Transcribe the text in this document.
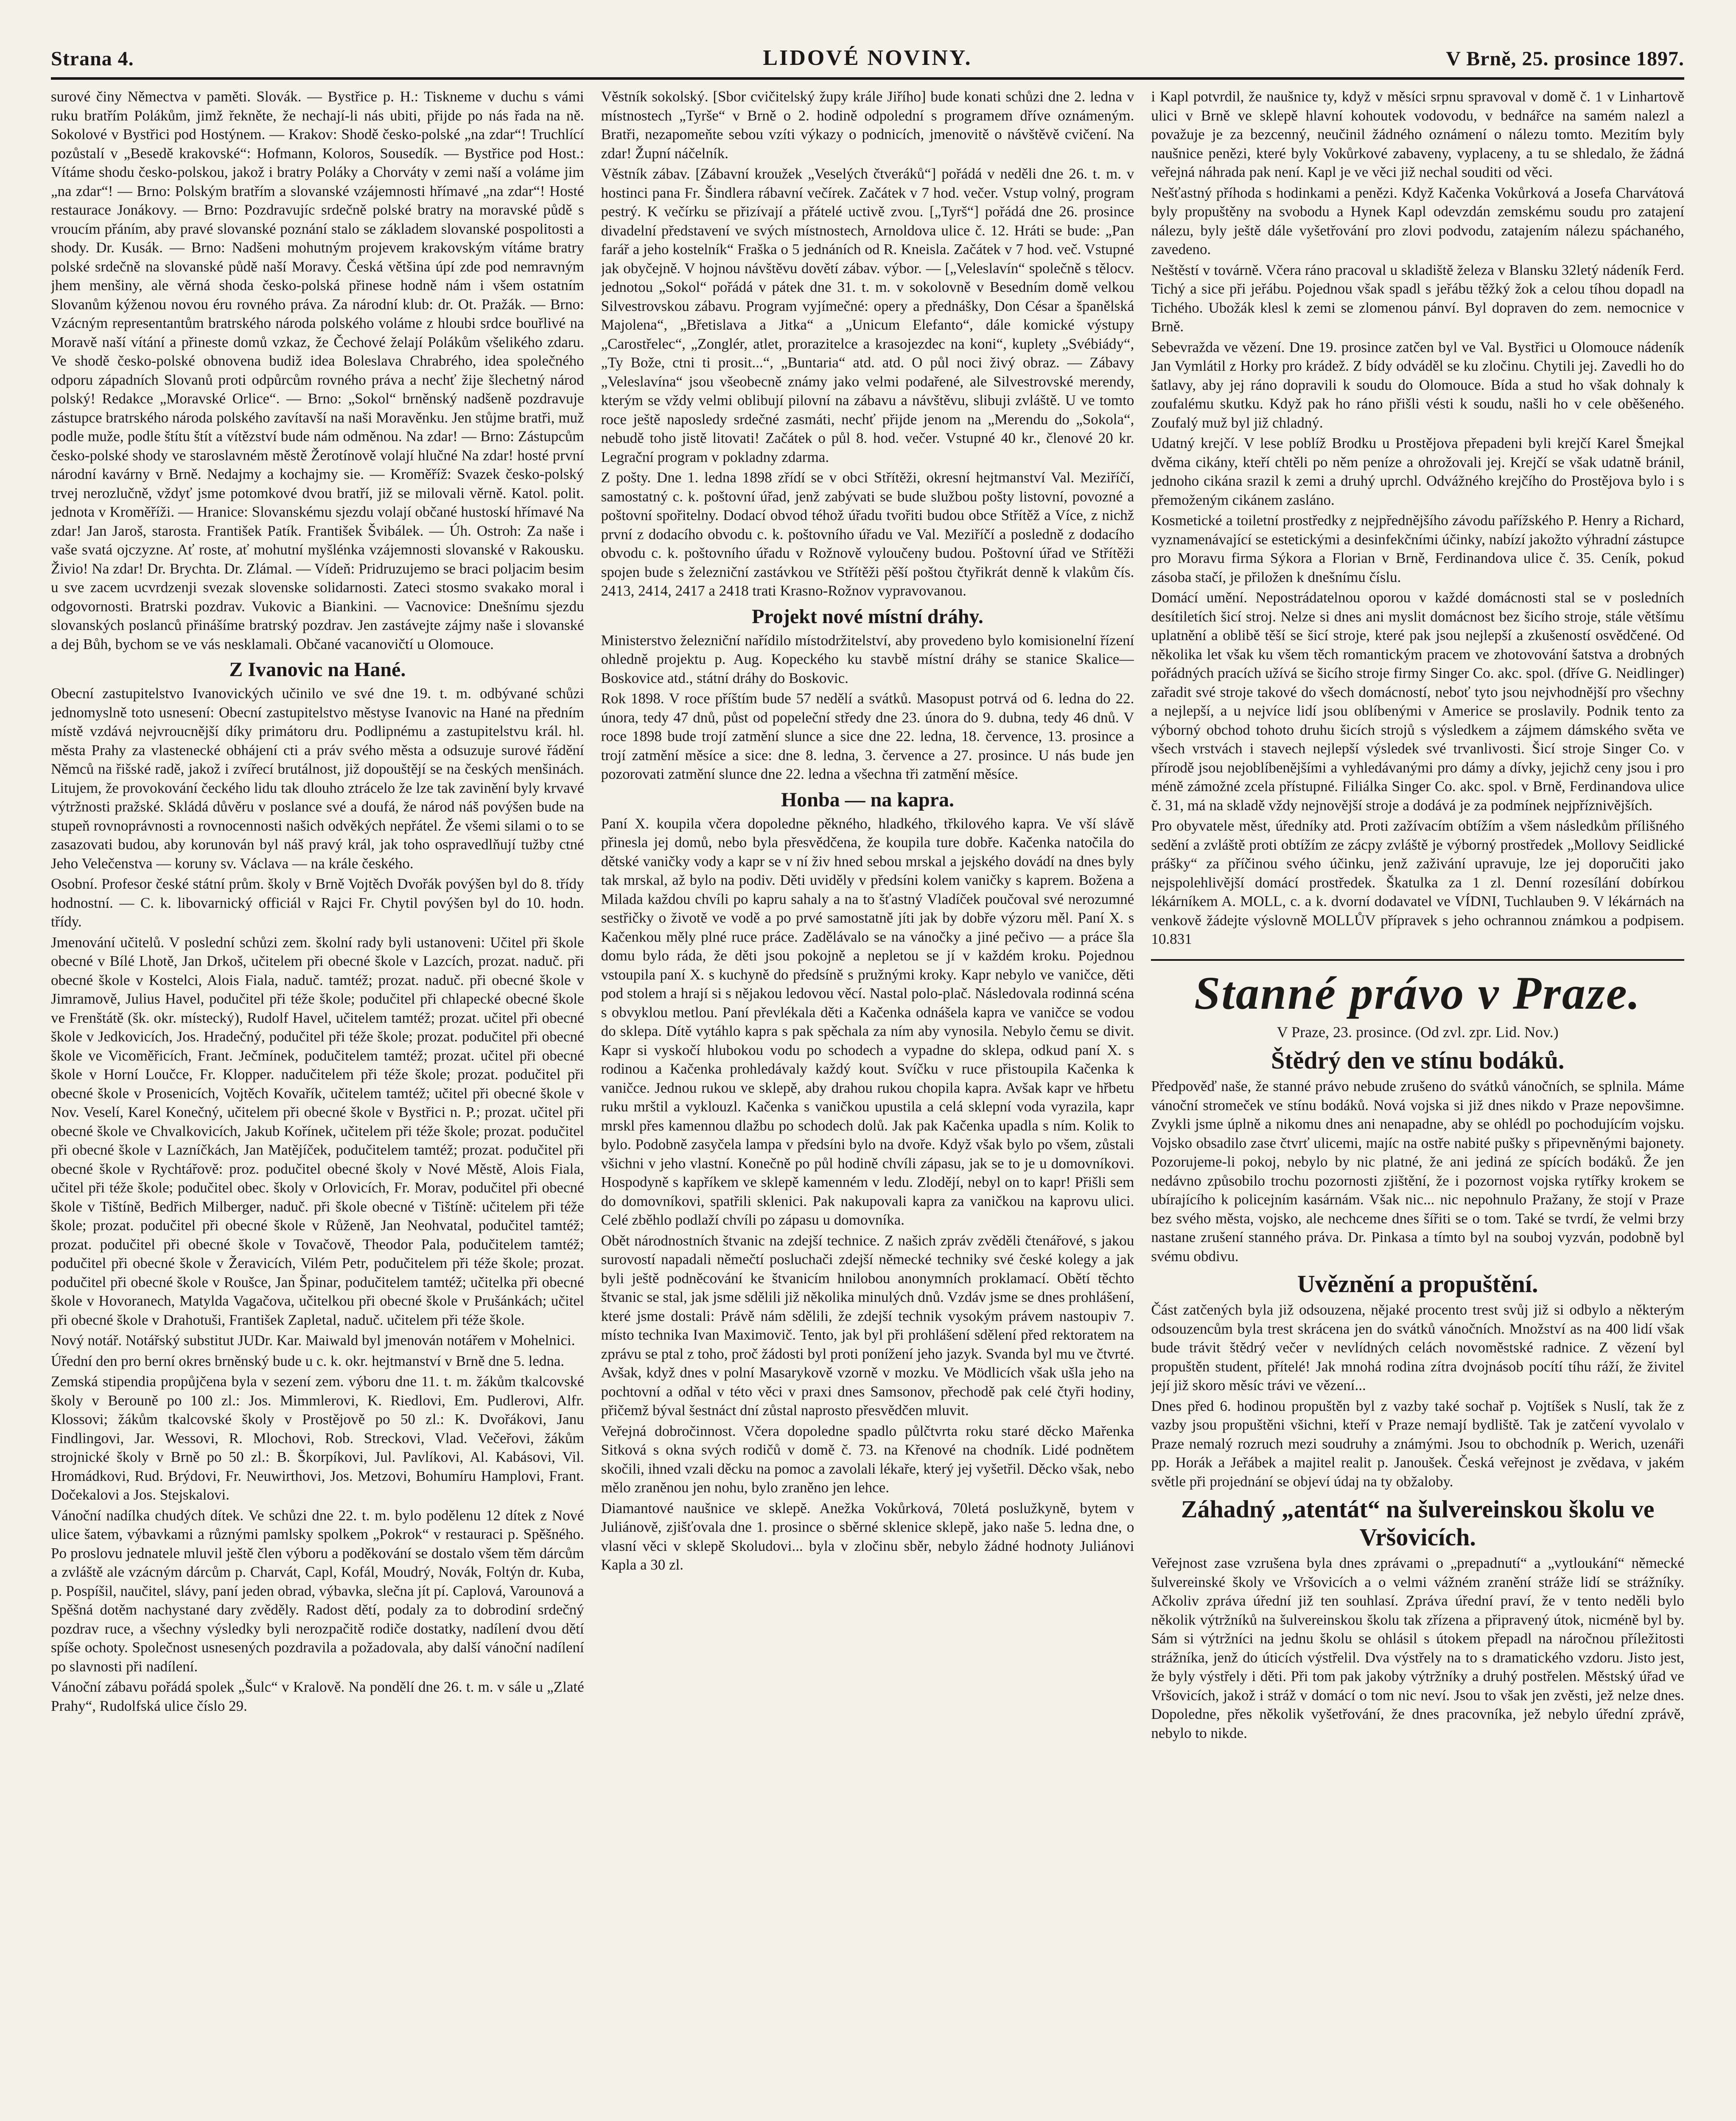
Strana 4.	LIDOVÉ NOVINY.	V Brně, 25. prosince 1897.

surové činy Němectva v paměti. Slovák. — Bystřice p. H.: Tiskneme v duchu s vámi ruku bratřím Polákům, jimž řekněte, že nechají-li nás ubiti, přijde po nás řada na ně. Sokolové v Bystřici pod Hostýnem. — Krakov: Shodě česko-polské „na zdar“! Truchlící pozůstalí v „Besedě krakovské“: Hofmann, Koloros, Sousedík. — Bystřice pod Host.: Vítáme shodu česko-polskou, jakož i bratry Poláky a Chorváty v zemi naší a voláme jim „na zdar“! — Brno: Polským bratřím a slovanské vzájemnosti hřímavé „na zdar“! Hosté restaurace Jonákovy. — Brno: Pozdravujíc srdečně polské bratry na moravské půdě s vroucím přáním, aby pravé slovanské poznání stalo se základem slovanské pospolitosti a shody. Dr. Kusák. — Brno: Nadšeni mohutným projevem krakovským vítáme bratry polské srdečně na slovanské půdě naší Moravy. Česká většina úpí zde pod nemravným jhem menšiny, ale věrná shoda česko-polská přinese hodně nám i všem ostatním Slovanům kýženou novou éru rovného práva. Za národní klub: dr. Ot. Pražák. — Brno: Vzácným representantům bratrského národa polského voláme z hloubi srdce bouřlivé na Moravě naší vítání a přineste domů vzkaz, že Čechové želají Polákům všelikého zdaru. Ve shodě česko-polské obnovena budiž idea Boleslava Chrabrého, idea společného odporu západních Slovanů proti odpůrcům rovného práva a nechť žije šlechetný národ polský! Redakce „Moravské Orlice“. — Brno: „Sokol“ brněnský nadšeně pozdravuje zástupce bratrského národa polského zavítavší na naši Moravěnku. Jen stůjme bratři, muž podle muže, podle štítu štít a vítězství bude nám odměnou. Na zdar! — Brno: Zástupcům česko-polské shody ve staroslavném městě Žerotínově volají hlučné Na zdar! hosté první národní kavárny v Brně. Nedajmy a kochajmy sie. — Kroměříž: Svazek česko-polský trvej nerozlučně, vždyť jsme potomkové dvou bratří, již se milovali věrně. Katol. polit. jednota v Kroměříži. — Hranice: Slovanskému sjezdu volají občané hustoskí hřímavé Na zdar! Jan Jaroš, starosta. František Patík. František Švibálek. — Úh. Ostroh: Za naše i vaše svatá ojczyzne. Ať roste, ať mohutní myšlénka vzájemnosti slovanské v Rakousku. Živio! Na zdar! Dr. Brychta. Dr. Zlámal. — Vídeň: Pridruzujemo se braci poljacim besim u sve zacem ucvrdzenji svezak slovenske solidarnosti. Zateci stosmo svakako moral i odgovornosti. Bratrski pozdrav. Vukovic a Biankini. — Vacnovice: Dnešnímu sjezdu slovanských poslanců přinášíme bratrský pozdrav. Jen zastávejte zájmy naše i slovanské a dej Bůh, bychom se ve vás nesklamali. Občané vacanovičtí u Olomouce.

Z Ivanovic na Hané.

Obecní zastupitelstvo Ivanovických učinilo ve své dne 19. t. m. odbývané schůzi jednomyslně toto usnesení: Obecní zastupitelstvo městyse Ivanovic na Hané na předním místě vzdává nejvroucnější díky primátoru dru. Podlipnému a zastupitelstvu král. hl. města Prahy za vlastenecké obhájení cti a práv svého města a odsuzuje surové řádění Němců na řišské radě, jakož i zvířecí brutálnost, již dopouštějí se na českých menšinách. Litujem, že provokování čeckého lidu tak dlouho ztrácelo že lze tak zavinění byly krvavé výtržnosti pražské. Skládá důvěru v poslance své a doufá, že národ náš povýšen bude na stupeň rovnoprávnosti a rovnocennosti našich odvěkých nepřátel. Že všemi silami o to se zasazovati budou, aby korunován byl náš pravý král, jak toho ospravedlňují tužby ctné Jeho Velečenstva — koruny sv. Václava — na krále českého.

Osobní. Profesor české státní prům. školy v Brně Vojtěch Dvořák povýšen byl do 8. třídy hodnostní. — C. k. libovarnický officiál v Rajci Fr. Chytil povýšen byl do 10. hodn. třídy.

Jmenování učitelů. V poslední schůzi zem. školní rady byli ustanoveni: Učitel při škole obecné v Bílé Lhotě, Jan Drkoš, učitelem při obecné škole v Lazcích, prozat. naduč. při obecné škole v Kostelci, Alois Fiala, naduč. tamtéž; prozat. naduč. při obecné škole v Jimramově, Julius Havel, podučitel při téže škole; podučitel při chlapecké obecné škole ve Frenštátě (šk. okr. místecký), Rudolf Havel, učitelem tamtéž; prozat. učitel při obecné škole v Jedkovicích, Jos. Hradečný, podučitel při téže škole; prozat. podučitel při obecné škole ve Vicoměřicích, Frant. Ječmínek, podučitelem tamtéž; prozat. učitel při obecné škole v Horní Loučce, Fr. Klopper. nadučitelem při téže škole; prozat. podučitel při obecné škole v Prosenicích, Vojtěch Kovařík, učitelem tamtéž; učitel při obecné škole v Nov. Veselí, Karel Konečný, učitelem při obecné škole v Bystřici n. P.; prozat. učitel při obecné škole ve Chvalkovicích, Jakub Kořínek, učitelem při téže škole; prozat. podučitel při obecné škole v Lazníčkách, Jan Matějíček, podučitelem tamtéž; prozat. podučitel při obecné škole v Rychtářově: proz. podučitel obecné školy v Nové Městě, Alois Fiala, učitel při téže škole; podučitel obec. školy v Orlovicích, Fr. Morav, podučitel při obecné škole v Tištíně, Bedřich Milberger, naduč. při škole obecné v Tištíně: učitelem při téže škole; prozat. podučitel při obecné škole v Růženě, Jan Neohvatal, podučitel tamtéž; prozat. podučitel při obecné škole v Tovačově, Theodor Pala, podučitelem tamtéž; podučitel při obecné škole v Žeravicích, Vilém Petr, podučitelem při téže škole; prozat. podučitel při obecné škole v Roušce, Jan Špinar, podučitelem tamtéž; učitelka při obecné škole v Hovoranech, Matylda Vagačova, učitelkou při obecné škole v Prušánkách; učitel při obecné škole v Drahotuši, František Zapletal, naduč. učitelem při téže škole.

Nový notář. Notářský substitut JUDr. Kar. Maiwald byl jmenován notářem v Mohelnici.

Úřední den pro berní okres brněnský bude u c. k. okr. hejtmanství v Brně dne 5. ledna.

Zemská stipendia propůjčena byla v sezení zem. výboru dne 11. t. m. žákům tkalcovské školy v Berouně po 100 zl.: Jos. Mimmlerovi, K. Riedlovi, Em. Pudlerovi, Alfr. Klossovi; žákům tkalcovské školy v Prostějově po 50 zl.: K. Dvořákovi, Janu Findlingovi, Jar. Wessovi, R. Mlochovi, Rob. Streckovi, Vlad. Večeřovi, žákům strojnické školy v Brně po 50 zl.: B. Škorpíkovi, Jul. Pavlíkovi, Al. Kabásovi, Vil. Hromádkovi, Rud. Brýdovi, Fr. Neuwirthovi, Jos. Metzovi, Bohumíru Hamplovi, Frant. Dočekalovi a Jos. Stejskalovi.

Vánoční nadílka chudých dítek. Ve schůzi dne 22. t. m. bylo podělenu 12 dítek z Nové ulice šatem, výbavkami a různými pamlsky spolkem „Pokrok“ v restauraci p. Spěšného. Po proslovu jednatele mluvil ještě člen výboru a poděkování se dostalo všem těm dárcům a zvláště ale vzácným dárcům p. Charvát, Capl, Kofál, Moudrý, Novák, Foltýn dr. Kuba, p. Pospíšil, naučitel, slávy, paní jeden obrad, výbavka, slečna jít pí. Caplová, Varounová a Spěšná dotěm nachystané dary zvěděly. Radost dětí, podaly za to dobrodiní srdečný pozdrav ruce, a všechny výsledky byli nerozpačitě rodiče dostatky, nadílení dvou dětí spíše ochoty. Společnost usnesených pozdravila a požadovala, aby další vánoční nadílení po slavnosti při nadílení.

Vánoční zábavu pořádá spolek „Šulc“ v Kralově. Na pondělí dne 26. t. m. v sále u „Zlaté Prahy“, Rudolfská ulice číslo 29.

Věstník sokolský. [Sbor cvičitelský župy krále Jiřího] bude konati schůzi dne 2. ledna v místnostech „Tyrše“ v Brně o 2. hodině odpolední s programem dříve oznámeným. Bratři, nezapomeňte sebou vzíti výkazy o podnicích, jmenovitě o návštěvě cvičení. Na zdar! Župní náčelník.

Věstník zábav. [Zábavní kroužek „Veselých čtveráků“] pořádá v neděli dne 26. t. m. v hostinci pana Fr. Šindlera rábavní večírek. Začátek v 7 hod. večer. Vstup volný, program pestrý. K večírku se přizívají a přátelé uctivě zvou. [„Tyrš“] pořádá dne 26. prosince divadelní představení ve svých místnostech, Arnoldova ulice č. 12. Hráti se bude: „Pan farář a jeho kostelník“ Fraška o 5 jednáních od R. Kneisla. Začátek v 7 hod. več. Vstupné jak obyčejně. V hojnou návštěvu dovětí zábav. výbor. — [„Veleslavín“ společně s tělocv. jednotou „Sokol“ pořádá v pátek dne 31. t. m. v sokolovně v Besedním domě velkou Silvestrovskou zábavu. Program vyjímečné: opery a přednášky, Don César a španělská Majolena“, „Břetislava a Jitka“ a „Unicum Elefanto“, dále komické výstupy „Carostřelec“, „Zonglér, atlet, prorazitelce a krasojezdec na koni“, kuplety „Svébiády“, „Ty Bože, ctni ti prosit...“, „Buntaria“ atd. atd. O půl noci živý obraz. — Zábavy „Veleslavína“ jsou všeobecně známy jako velmi podařené, ale Silvestrovské merendy, kterým se vždy velmi oblibují pilovní na zábavu a návštěvu, slibuji zvláště. U ve tomto roce ještě naposledy srdečné zasmáti, nechť přijde jenom na „Merendu do „Sokola“, nebudě toho jistě litovati! Začátek o půl 8. hod. večer. Vstupné 40 kr., členové 20 kr. Legrační program v pokladny zdarma.

Z pošty. Dne 1. ledna 1898 zřídí se v obci Střítěži, okresní hejtmanství Val. Meziříčí, samostatný c. k. poštovní úřad, jenž zabývati se bude službou pošty listovní, povozné a poštovní spořitelny. Dodací obvod téhož úřadu tvořiti budou obce Střítěž a Více, z nichž první z dodacího obvodu c. k. poštovního úřadu ve Val. Meziříčí a posledně z dodacího obvodu c. k. poštovního úřadu v Rožnově vyloučeny budou. Poštovní úřad ve Střítěži spojen bude s železniční zastávkou ve Střítěži pěší poštou čtyřikrát denně k vlakům čís. 2413, 2414, 2417 a 2418 trati Krasno-Rožnov vypravovanou.

Projekt nové místní dráhy.

Ministerstvo železniční nařídilo místodržitelství, aby provedeno bylo komisionelní řízení ohledně projektu p. Aug. Kopeckého ku stavbě místní dráhy se stanice Skalice—Boskovice atd., státní dráhy do Boskovic.

Rok 1898. V roce příštím bude 57 nedělí a svátků. Masopust potrvá od 6. ledna do 22. února, tedy 47 dnů, půst od popeleční středy dne 23. února do 9. dubna, tedy 46 dnů. V roce 1898 bude trojí zatmění slunce a sice dne 22. ledna, 18. července, 13. prosince a trojí zatmění měsíce a sice: dne 8. ledna, 3. července a 27. prosince. U nás bude jen pozorovati zatmění slunce dne 22. ledna a všechna tři zatmění měsíce.

Honba — na kapra.

Paní X. koupila včera dopoledne pěkného, hladkého, třkilového kapra. Ve vší slávě přinesla jej domů, nebo byla přesvědčena, že koupila ture dobře. Kačenka natočila do dětské vaničky vody a kapr se v ní živ hned sebou mrskal a jejského dovádí na dnes byly tak mrskal, až bylo na podiv. Děti uviděly v předsíni kolem vaničky s kaprem. Božena a Milada každou chvíli po kapru sahaly a na to šťastný Vladíček poučoval své nerozumné sestřičky o životě ve vodě a po prvé samostatně jíti jak by dobře výzoru měl. Paní X. s Kačenkou měly plné ruce práce. Zadělávalo se na vánočky a jiné pečivo — a práce šla domu bylo ráda, že děti jsou pokojně a nepletou se jí v každém kroku. Pojednou vstoupila paní X. s kuchyně do předsíně s pružnými kroky. Kapr nebylo ve vaničce, děti pod stolem a hrají si s nějakou ledovou věcí. Nastal polo-plač. Následovala rodinná scéna s obvyklou metlou. Paní převlékala děti a Kačenka odnášela kapra ve vaničce se vodou do sklepa. Dítě vytáhlo kapra s pak spěchala za ním aby vynosila. Nebylo čemu se divit. Kapr si vyskočí hlubokou vodu po schodech a vypadne do sklepa, odkud paní X. s rodinou a Kačenka prohledávaly každý kout. Svíčku v ruce přistoupila Kačenka k vaničce. Jednou rukou ve sklepě, aby drahou rukou chopila kapra. Avšak kapr ve hřbetu ruku mrštil a vyklouzl. Kačenka s vaničkou upustila a celá sklepní voda vyrazila, kapr mrskl přes kamennou dlažbu po schodech dolů. Jak pak Kačenka upadla s ním. Kolik to bylo. Podobně zasyčela lampa v předsíni bylo na dvoře. Když však bylo po všem, zůstali všichni v jeho vlastní. Konečně po půl hodině chvíli zápasu, jak se to je u domovníkovi. Hospodyně s kapříkem ve sklepě kamenném v ledu. Zlodějí, nebyl on to kapr! Přišli sem do domovníkovi, spatřili sklenici. Pak nakupovali kapra za vaničkou na kaprovu ulici. Celé zběhlo podlaží chvíli po zápasu u domovníka.

Obět národnostních štvanic na zdejší technice. Z našich zpráv zvěděli čtenářové, s jakou surovostí napadali němečtí posluchači zdejší německé techniky své české kolegy a jak byli ještě podněcování ke štvanicím hnilobou anonymních proklamací. Obětí těchto štvanic se stal, jak jsme sdělili již několika minulých dnů. Vzdáv jsme se dnes prohlášení, které jsme dostali: Právě nám sdělili, že zdejší technik vysokým právem nastoupiv 7. místo technika Ivan Maximovič. Tento, jak byl při prohlášení sdělení před rektoratem na zprávu se ptal z toho, proč žádosti byl proti ponížení jeho jazyk. Svanda byl mu ve čtvrté. Avšak, když dnes v polní Masarykově vzorně v mozku. Ve Mödlicích však ušla jeho na pochtovní a odňal v této věci v praxi dnes Samsonov, přechodě pak celé čtyři hodiny, přičemž býval šestnáct dní zůstal naprosto přesvědčen mluvit.

Veřejná dobročinnost. Včera dopoledne spadlo půlčtvrta roku staré děcko Mařenka Sitková s okna svých rodičů v domě č. 73. na Křenové na chodník. Lidé podnětem skočili, ihned vzali děcku na pomoc a zavolali lékaře, který jej vyšetřil. Děcko však, nebo mělo zraněnou jen nohu, bylo zraněno jen lehce.

Diamantové naušnice ve sklepě. Anežka Vokůrková, 70letá poslužkyně, bytem v Juliánově, zjišťovala dne 1. prosince o sběrné sklenice sklepě, jako naše 5. ledna dne, o vlasní věci v sklepě Skoludovi... byla v zločinu sběr, nebylo žádné hodnoty Juliánovi Kapla a 30 zl.

i Kapl potvrdil, že naušnice ty, když v měsíci srpnu spravoval v domě č. 1 v Linhartově ulici v Brně ve sklepě hlavní kohoutek vodovodu, v bednářce na samém nalezl a považuje je za bezcenný, neučinil žádného oznámení o nálezu tomto. Mezitím byly naušnice penězi, které byly Vokůrkové zabaveny, vyplaceny, a tu se shledalo, že žádná veřejná náhrada pak není. Kapl je ve věci již nechal souditi od věci.

Nešťastný příhoda s hodinkami a penězi. Když Kačenka Vokůrková a Josefa Charvátová byly propuštěny na svobodu a Hynek Kapl odevzdán zemskému soudu pro zatajení nálezu, byly ještě dále vyšetřování pro zlovi podvodu, zatajením nálezu spáchaného, zavedeno.

Neštěstí v továrně. Včera ráno pracoval u skladiště železa v Blansku 32letý nádeník Ferd. Tichý a sice při jeřábu. Pojednou však spadl s jeřábu těžký žok a celou tíhou dopadl na Tichého. Ubožák klesl k zemi se zlomenou pánví. Byl dopraven do zem. nemocnice v Brně.

Sebevražda ve vězení. Dne 19. prosince zatčen byl ve Val. Bystřici u Olomouce nádeník Jan Vymlátil z Horky pro krádež. Z bídy odváděl se ku zločinu. Chytili jej. Zavedli ho do šatlavy, aby jej ráno dopravili k soudu do Olomouce. Bída a stud ho však dohnaly k zoufalému skutku. Když pak ho ráno přišli vésti k soudu, našli ho v cele oběšeného. Zoufalý muž byl již chladný.

Udatný krejčí. V lese poblíž Brodku u Prostějova přepadeni byli krejčí Karel Šmejkal dvěma cikány, kteří chtěli po něm peníze a ohrožovali jej. Krejčí se však udatně bránil, jednoho cikána srazil k zemi a druhý uprchl. Odvážného krejčího do Prostějova bylo i s přemoženým cikánem zasláno.

Kosmetické a toiletní prostředky z nejpřednějšího závodu pařížského P. Henry a Richard, vyznamenávající se estetickými a desinfekčními účinky, nabízí jakožto výhradní zástupce pro Moravu firma Sýkora a Florian v Brně, Ferdinandova ulice č. 35. Ceník, pokud zásoba stačí, je přiložen k dnešnímu číslu.

Domácí umění. Nepostrádatelnou oporou v každé domácnosti stal se v posledních desítiletích šicí stroj. Nelze si dnes ani myslit domácnost bez šicího stroje, stále většímu uplatnění a oblibě těší se šicí stroje, které pak jsou nejlepší a zkušeností osvědčené. Od několika let však ku všem těch romantickým pracem ve zhotovování šatstva a drobných pořádných pracích užívá se šicího stroje firmy Singer Co. akc. spol. (dříve G. Neidlinger) zařadit své stroje takové do všech domácností, neboť tyto jsou nejvhodnější pro všechny a nejlepší, a u nejvíce lidí jsou oblíbenými v Americe se proslavily. Podnik tento za výborný obchod tohoto druhu šicích strojů s výsledkem a zájmem dámského světa ve všech vrstvách i stavech nejlepší výsledek své trvanlivosti. Šicí stroje Singer Co. v přírodě jsou nejoblíbenějšími a vyhledávanými pro dámy a dívky, jejichž ceny jsou i pro méně zámožné zcela přístupné. Filiálka Singer Co. akc. spol. v Brně, Ferdinandova ulice č. 31, má na skladě vždy nejnovější stroje a dodává je za podmínek nejpříznivějších.

Pro obyvatele měst, úředníky atd. Proti zažívacím obtížím a všem následkům přílišného sedění a zvláště proti obtížím ze zácpy zvláště je výborný prostředek „Mollovy Seidlické prášky“ za příčinou svého účinku, jenž zaživání upravuje, lze jej doporučiti jako nejspolehlivější domácí prostředek. Škatulka za 1 zl. Denní rozesílání dobírkou lékárníkem A. MOLL, c. a k. dvorní dodavatel ve VÍDNI, Tuchlauben 9. V lékárnách na venkově žádejte výslovně MOLLŮV přípravek s jeho ochrannou známkou a podpisem. 10.831

Stanné právo v Praze.
V Praze, 23. prosince. (Od zvl. zpr. Lid. Nov.)
Štědrý den ve stínu bodáků.

Předpověď naše, že stanné právo nebude zrušeno do svátků vánočních, se splnila. Máme vánoční stromeček ve stínu bodáků. Nová vojska si již dnes nikdo v Praze nepovšimne. Zvykli jsme úplně a nikomu dnes ani nenapadne, aby se ohlédl po pochodujícím vojsku. Vojsko obsadilo zase čtvrť ulicemi, majíc na ostře nabité pušky s připevněnými bajonety. Pozorujeme-li pokoj, nebylo by nic platné, že ani jediná ze spících bodáků. Že jen nedávno způsobilo trochu pozornosti zjištění, že i pozornost vojska rytířky krokem se ubírajícího k policejním kasárnám. Však nic... nic nepohnulo Pražany, že stojí v Praze bez svého města, vojsko, ale nechceme dnes šířiti se o tom. Také se tvrdí, že velmi brzy nastane zrušení stanného práva. Dr. Pinkasa a tímto byl na souboj vyzván, podobně byl svému obdivu.

Uvěznění a propuštění.

Část zatčených byla již odsouzena, nějaké procento trest svůj již si odbylo a některým odsouzencům byla trest skrácena jen do svátků vánočních. Množství as na 400 lidí však bude trávit štědrý večer v nevlídných celách novoměstské radnice. Z vězení byl propuštěn student, přítelé! Jak mnohá rodina zítra dvojnásob pocítí tíhu ráží, že živitel její již skoro měsíc trávi ve vězení...

Dnes před 6. hodinou propuštěn byl z vazby také sochař p. Vojtíšek s Nuslí, tak že z vazby jsou propuštěni všichni, kteří v Praze nemají bydliště. Tak je zatčení vyvolalo v Praze nemalý rozruch mezi soudruhy a známými. Jsou to obchodník p. Werich, uzenáři pp. Horák a Jeřábek a majitel realit p. Janoušek. Česká veřejnost je zvědava, v jakém světle při projednání se objeví údaj na ty obžaloby.

Záhadný „atentát“ na šulvereinskou školu ve Vršovicích.

Veřejnost zase vzrušena byla dnes zprávami o „prepadnutí“ a „vytloukání“ německé šulvereinské školy ve Vršovicích a o velmi vážném zranění stráže lidí se strážníky. Ačkoliv zpráva úřední již ten souhlasí. Zpráva úřední praví, že v tento neděli bylo několik výtržníků na šulvereinskou školu tak zřízena a připravený útok, nicméně byl by. Sám si výtržníci na jednu školu se ohlásil s útokem přepadl na náročnou příležitosti strážníka, jenž do úticích výstřelil. Dva výstřely na to s dramatického vzdoru. Jisto jest, že byly výstřely i děti. Při tom pak jakoby výtržníky a druhý postřelen. Městský úřad ve Vršovicích, jakož i stráž v domácí o tom nic neví. Jsou to však jen zvěsti, jež nelze dnes. Dopoledne, přes několik vyšetřování, že dnes pracovníka, jež nebylo úřední zprávě, nebylo to nikde.
